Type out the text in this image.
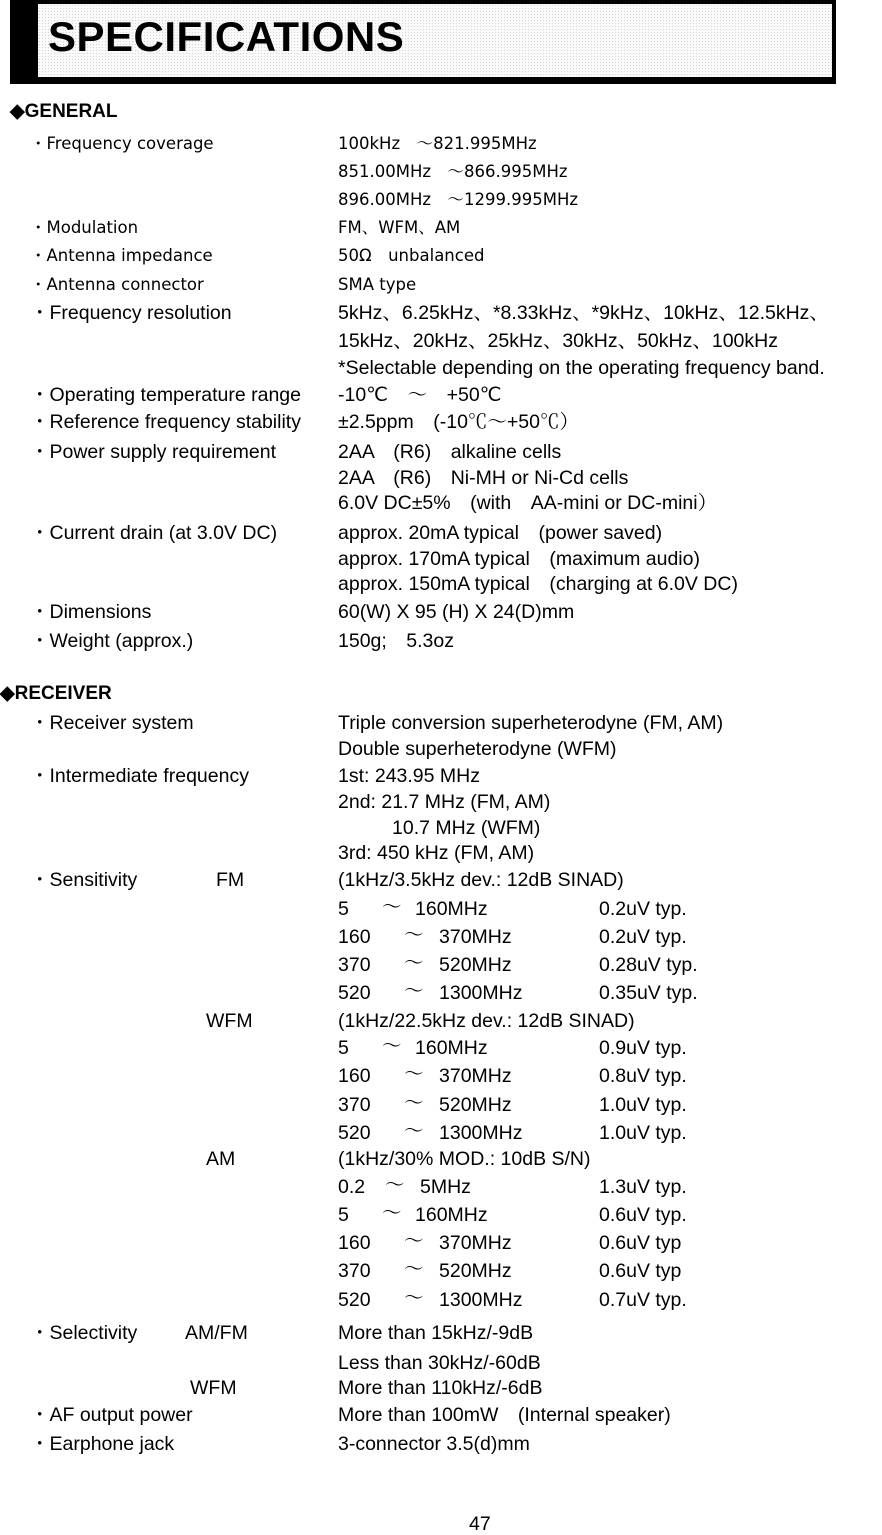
SPECIFICATIONS
◆GENERAL
・Frequency coverage	100kHz　～821.995MHz
851.00MHz　～866.995MHz
896.00MHz　～1299.995MHz
・Modulation	FM、WFM、AM
・Antenna impedance	50Ω　unbalanced
・Antenna connector	SMA type
・Frequency resolution	5kHz、6.25kHz、*8.33kHz、*9kHz、10kHz、12.5kHz、
15kHz、20kHz、25kHz、30kHz、50kHz、100kHz
*Selectable depending on the operating frequency band.
・Operating temperature range -10℃　～　+50℃
・Reference frequency stability ±2.5ppm　(-10℃～+50℃）
・Power supply requirement	2AA　(R6)　alkaline cells
2AA　(R6)　Ni-MH or Ni-Cd cells
6.0V DC±5%　(with　AA-mini or DC-mini）
・Current drain (at 3.0V DC)	approx. 20mA typical　(power saved)
approx. 170mA typical　(maximum audio)
approx. 150mA typical　(charging at 6.0V DC)
・Dimensions	60(W) X 95 (H) X 24(D)mm
・Weight (approx.)	150g;　5.3oz
◆RECEIVER
・Receiver system	Triple conversion superheterodyne (FM, AM)
Double superheterodyne (WFM)
・Intermediate frequency	1st: 243.95 MHz
2nd: 21.7 MHz (FM, AM)
10.7 MHz (WFM)
3rd: 450 kHz (FM, AM)
・Sensitivity	FM	(1kHz/3.5kHz dev.: 12dB SINAD)
5 ～ 160MHz	0.2uV typ.
160 ～ 370MHz	0.2uV typ.
370 ～ 520MHz	0.28uV typ.
520 ～ 1300MHz	0.35uV typ.
WFM	(1kHz/22.5kHz dev.: 12dB SINAD)
5 ～ 160MHz	0.9uV typ.
160 ～ 370MHz	0.8uV typ.
370 ～ 520MHz	1.0uV typ.
520 ～ 1300MHz	1.0uV typ.
AM	(1kHz/30% MOD.: 10dB S/N)
0.2 ～ 5MHz	1.3uV typ.
5 ～ 160MHz	0.6uV typ.
160 ～ 370MHz	0.6uV typ
370 ～ 520MHz	0.6uV typ
520 ～ 1300MHz	0.7uV typ.
・Selectivity AM/FM	More than 15kHz/-9dB
Less than 30kHz/-60dB
WFM	More than 110kHz/-6dB
・AF output power	More than 100mW　(Internal speaker)
・Earphone jack	3-connector 3.5(d)mm
47
